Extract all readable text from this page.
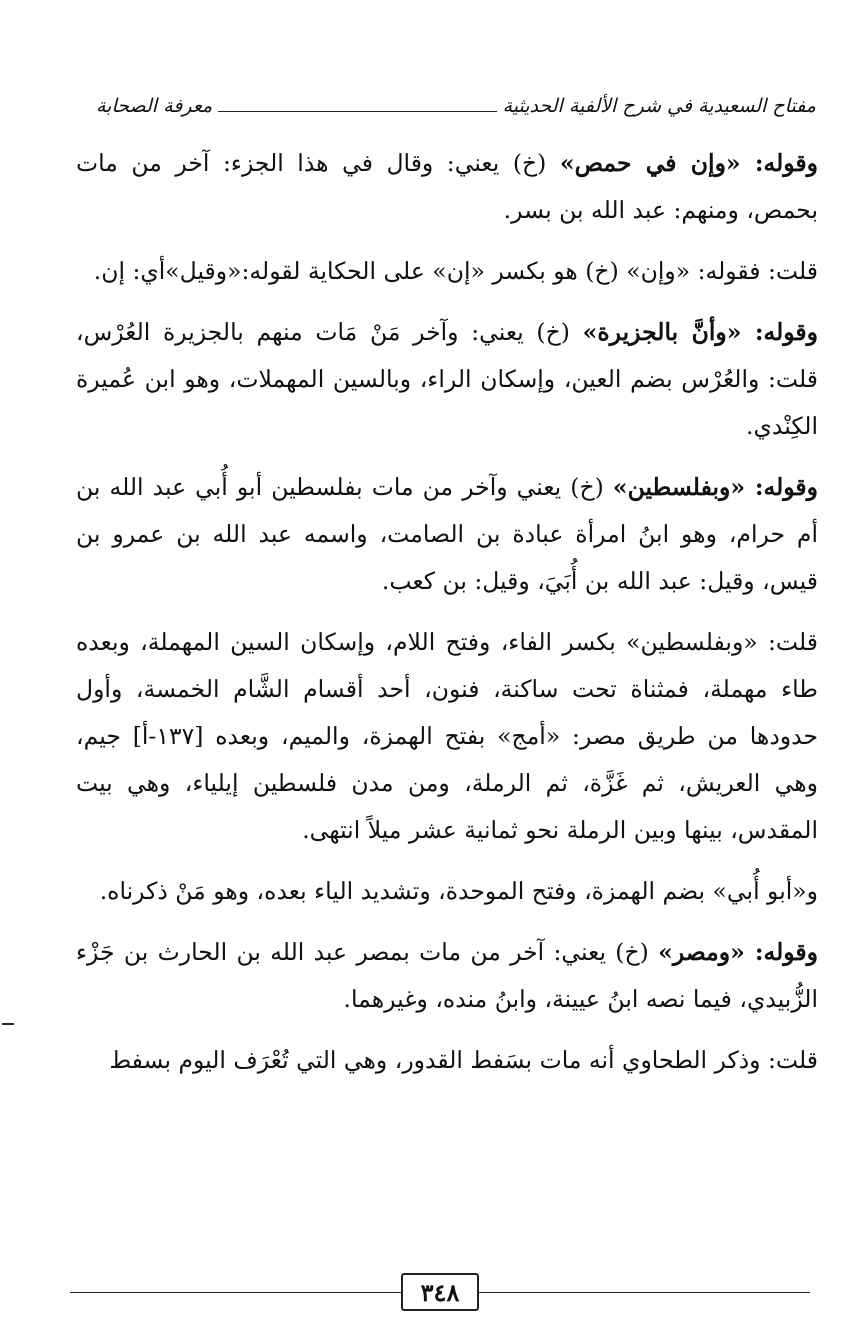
مفتاح السعيدية في شرح الألفية الحديثية
معرفة الصحابة

وقوله: «وإن في حمص» (خ) يعني: وقال في هذا الجزء: آخر من مات بحمص، ومنهم: عبد الله بن بسر.

قلت: فقوله: «وإن» (خ) هو بكسر «إن» على الحكاية لقوله:«وقيل»أي: إن.

وقوله: «وأنَّ بالجزيرة» (خ) يعني: وآخر مَنْ مَات منهم بالجزيرة العُرْس، قلت: والعُرْس بضم العين، وإسكان الراء، وبالسين المهملات، وهو ابن عُميرة الكِنْدي.

وقوله: «وبفلسطين» (خ) يعني وآخر من مات بفلسطين أبو أُبي عبد الله بن أم حرام، وهو ابنُ امرأة عبادة بن الصامت، واسمه عبد الله بن عمرو بن قيس، وقيل: عبد الله بن أُبَيَ، وقيل: بن كعب.

قلت: «وبفلسطين» بكسر الفاء، وفتح اللام، وإسكان السين المهملة، وبعده طاء مهملة، فمثناة تحت ساكنة، فنون، أحد أقسام الشَّام الخمسة، وأول حدودها من طريق مصر: «أمج» بفتح الهمزة، والميم، وبعده [١٣٧-أ] جيم، وهي العريش، ثم غَزَّة، ثم الرملة، ومن مدن فلسطين إيلياء، وهي بيت المقدس، بينها وبين الرملة نحو ثمانية عشر ميلاً انتهى.

و«أبو أُبي» بضم الهمزة، وفتح الموحدة، وتشديد الياء بعده، وهو مَنْ ذكرناه.

وقوله: «ومصر» (خ) يعني: آخر من مات بمصر عبد الله بن الحارث بن جَزْء الزُّبيدي، فيما نصه ابنُ عيينة، وابنُ منده، وغيرهما.

قلت: وذكر الطحاوي أنه مات بسَفط القدور، وهي التي تُعْرَف اليوم بسفط

٣٤٨
